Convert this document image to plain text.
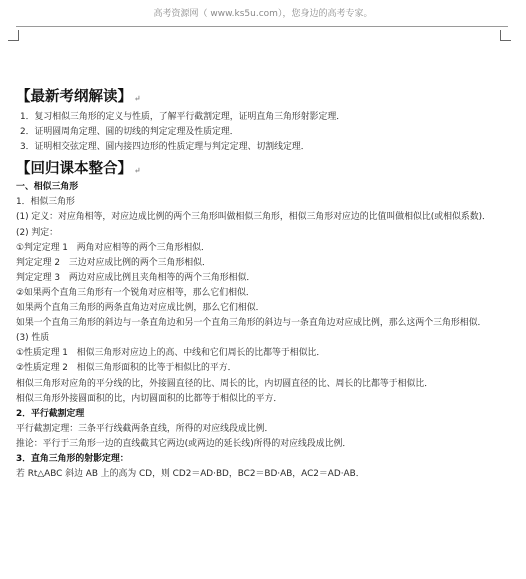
高考资源网（ www.ks5u.com），您身边的高考专家。
【最新考纲解读】 ↵
1．复习相似三角形的定义与性质，了解平行截割定理，证明直角三角形射影定理．
2．证明圆周角定理、圆的切线的判定定理及性质定理．
3．证明相交弦定理、圆内接四边形的性质定理与判定定理、切割线定理．
【回归课本整合】 ↵
一、相似三角形
1．相似三角形
(1) 定义：对应角相等，对应边成比例的两个三角形叫做相似三角形，相似三角形对应边的比值叫做相似比(或相似系数)．
(2) 判定：
①判定定理 1　两角对应相等的两个三角形相似．
判定定理 2　三边对应成比例的两个三角形相似．
判定定理 3　两边对应成比例且夹角相等的两个三角形相似．
②如果两个直角三角形有一个锐角对应相等，那么它们相似．
如果两个直角三角形的两条直角边对应成比例，那么它们相似．
如果一个直角三角形的斜边与一条直角边和另一个直角三角形的斜边与一条直角边对应成比例，那么这两个三角形相似．
(3) 性质
①性质定理 1　相似三角形对应边上的高、中线和它们周长的比都等于相似比．
②性质定理 2　相似三角形面积的比等于相似比的平方．
相似三角形对应角的平分线的比，外接圆直径的比、周长的比，内切圆直径的比、周长的比都等于相似比．
相似三角形外接圆面积的比，内切圆面积的比都等于相似比的平方．
2．平行截割定理
平行截割定理：三条平行线截两条直线，所得的对应线段成比例．
推论：平行于三角形一边的直线截其它两边(或两边的延长线)所得的对应线段成比例．
3．直角三角形的射影定理：
若 Rt△ABC 斜边 AB 上的高为 CD，则 CD2＝AD·BD，BC2＝BD·AB，AC2＝AD·AB．
